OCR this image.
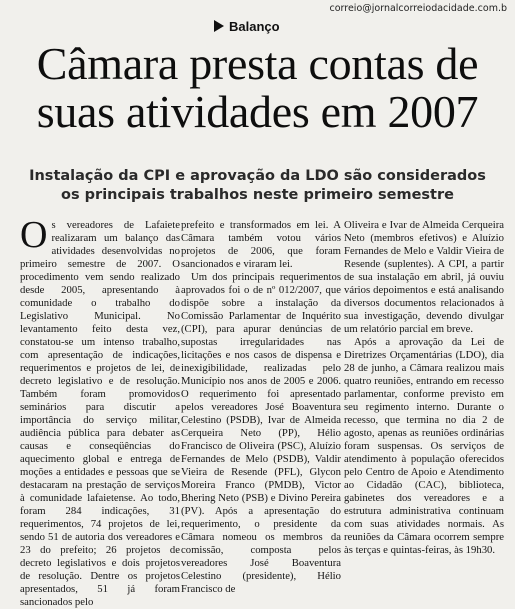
correio@jornalcorreiodacidade.com.b
Balanço
Câmara presta contas de
suas atividades em 2007
Instalação da CPI e aprovação da LDO são considerados
os principais trabalhos neste primeiro semestre
O s vereadores de Lafaiete realizaram um balanço das atividades desenvolvidas no primeiro semestre de 2007. O procedimento vem sendo realizado desde 2005, apresentando à comunidade o trabalho do Legislativo Municipal. No levantamento feito desta vez, constatou-se um intenso trabalho, com apresentação de indicações, requerimentos e projetos de lei, de decreto legislativo e de resolução. Também foram promovidos seminários para discutir a importância do serviço militar, audiência pública para debater as causas e conseqüências do aquecimento global e entrega de moções a entidades e pessoas que se destacaram na prestação de serviços à comunidade lafaietense. Ao todo, foram 284 indicações, 31 requerimentos, 74 projetos de lei, sendo 51 de autoria dos vereadores e 23 do prefeito; 26 projetos de decreto legislativos e dois projetos de resolução. Dentre os projetos apresentados, 51 já foram sancionados pelo

prefeito e transformados em lei. A Câmara também votou vários projetos de 2006, que foram sancionados e viraram lei.

Um dos principais requerimentos aprovados foi o de nº 012/2007, que dispõe sobre a instalação da Comissão Parlamentar de Inquérito (CPI), para apurar denúncias de supostas irregularidades nas licitações e nos casos de dispensa e inexigibilidade, realizadas pelo Município nos anos de 2005 e 2006. O requerimento foi apresentado pelos vereadores José Boaventura Celestino (PSDB), Ivar de Almeida Cerqueira Neto (PP), Hélio Francisco de Oliveira (PSC), Aluízio Fernandes de Melo (PSDB), Valdir Vieira de Resende (PFL), Glycon Moreira Franco (PMDB), Victor Bhering Neto (PSB) e Divino Pereira (PV). Após a apresentação do requerimento, o presidente da Câmara nomeou os membros da comissão, composta pelos vereadores José Boaventura Celestino (presidente), Hélio Francisco de

Oliveira e Ivar de Almeida Cerqueira Neto (membros efetivos) e Aluízio Fernandes de Melo e Valdir Vieira de Resende (suplentes). A CPI, a partir de sua instalação em abril, já ouviu vários depoimentos e está analisando diversos documentos relacionados à sua investigação, devendo divulgar um relatório parcial em breve.

Após a aprovação da Lei de Diretrizes Orçamentárias (LDO), dia 28 de junho, a Câmara realizou mais quatro reuniões, entrando em recesso parlamentar, conforme previsto em seu regimento interno. Durante o recesso, que termina no dia 2 de agosto, apenas as reuniões ordinárias foram suspensas. Os serviços de atendimento à população oferecidos pelo Centro de Apoio e Atendimento ao Cidadão (CAC), biblioteca, gabinetes dos vereadores e a estrutura administrativa continuam com suas atividades normais. As reuniões da Câmara ocorrem sempre às terças e quintas-feiras, às 19h30.
